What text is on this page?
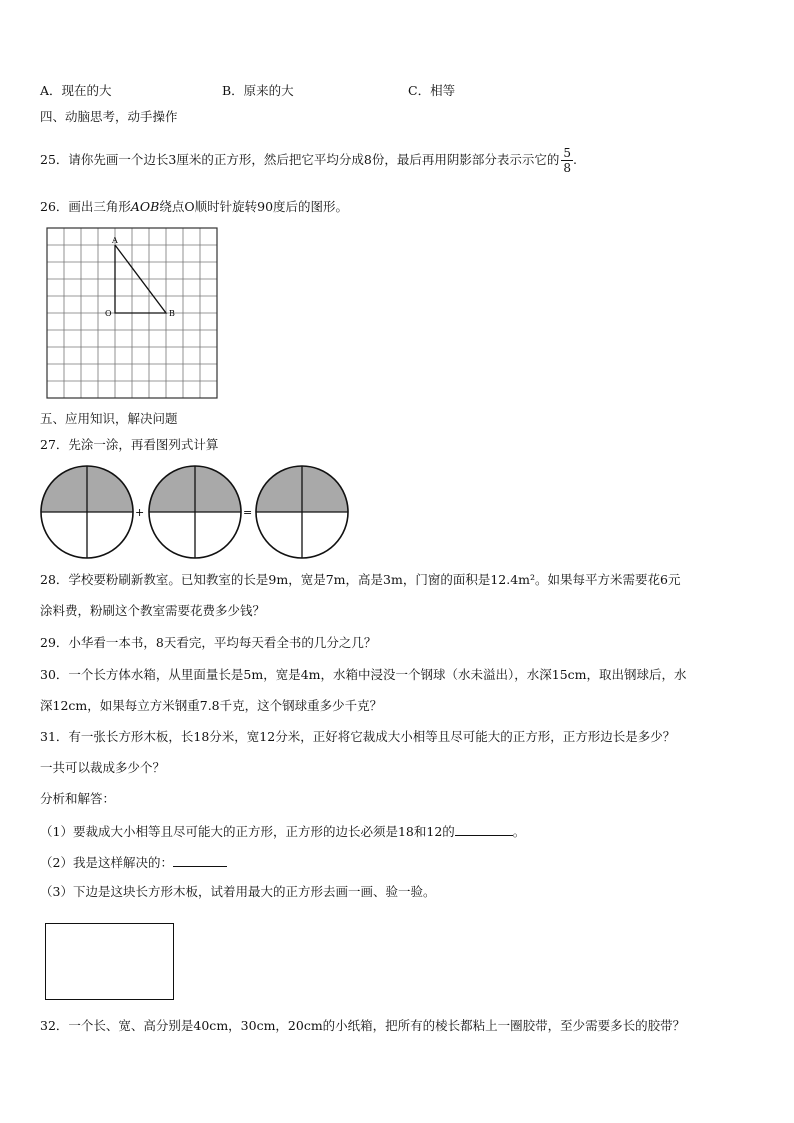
A．现在的大	B．原来的大	C．相等
四、动脑思考，动手操作
25．请你先画一个边长3厘米的正方形，然后把它平均分成8份，最后再用阴影部分表示示它的 $\frac{5}{8}$ .
26．画出三角形AOB绕点O顺时针旋转90度后的图形。
A
O	B
五、应用知识，解决问题
27．先涂一涂，再看图列式计算
+	=
28．学校要粉刷新教室。已知教室的长是9m，宽是7m，高是3m，门窗的面积是12.4m²。如果每平方米需要花6元
涂料费，粉刷这个教室需要花费多少钱？
29．小华看一本书，8天看完，平均每天看全书的几分之几？
30．一个长方体水箱，从里面量长是5m，宽是4m，水箱中浸没一个钢球（水未溢出），水深15cm，取出钢球后，水
深12cm，如果每立方米钢重7.8千克，这个钢球重多少千克？
31．有一张长方形木板，长18分米，宽12分米，正好将它裁成大小相等且尽可能大的正方形，正方形边长是多少？
一共可以裁成多少个？
分析和解答：
（1）要裁成大小相等且尽可能大的正方形，正方形的边长必须是18和12的	。
（2）我是这样解决的：
（3）下边是这块长方形木板，试着用最大的正方形去画一画、验一验。
32．一个长、宽、高分别是40cm，30cm，20cm的小纸箱，把所有的棱长都粘上一圈胶带，至少需要多长的胶带？
